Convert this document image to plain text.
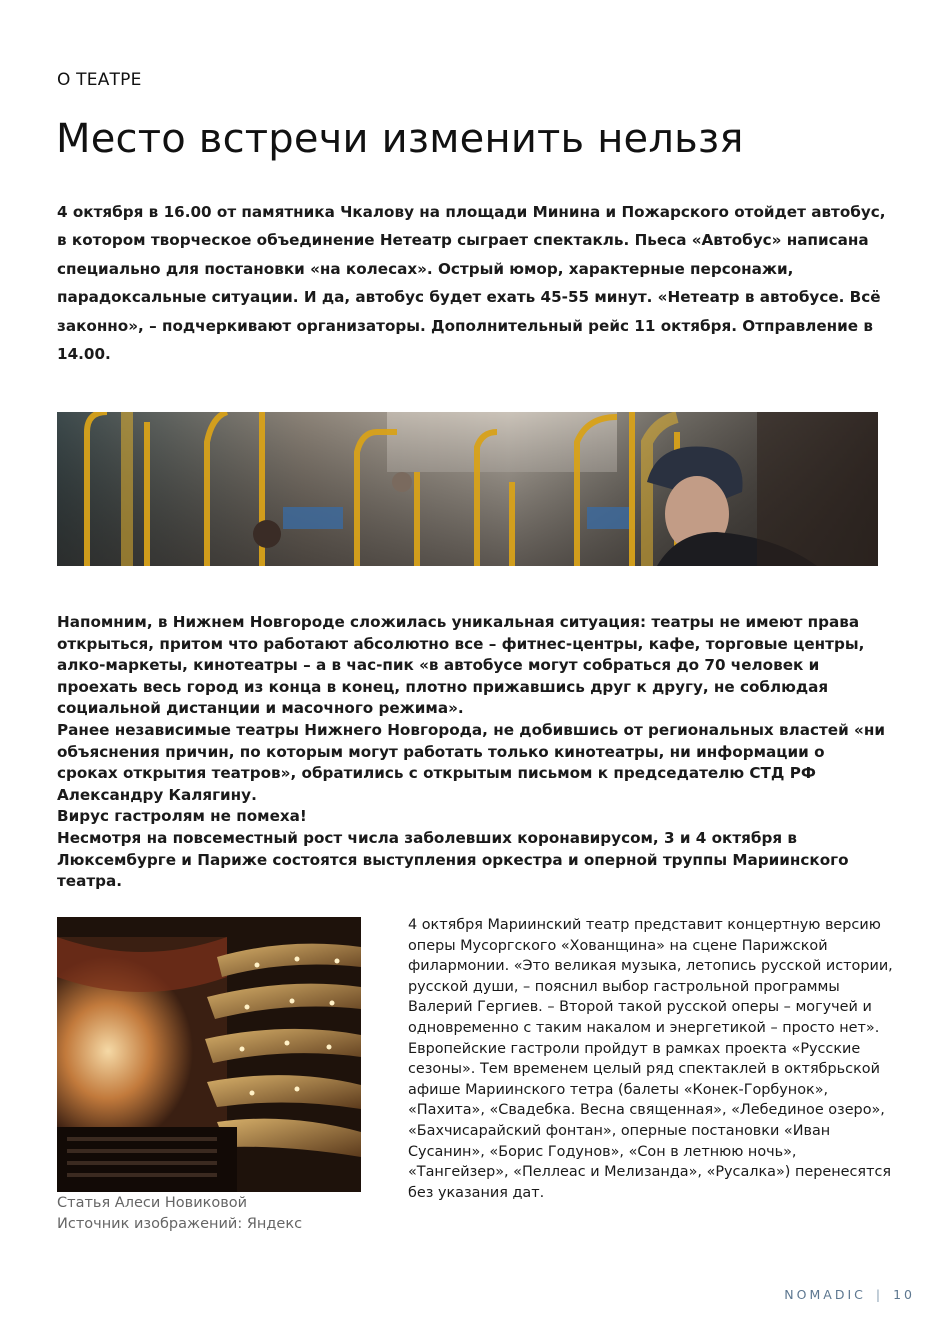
О ТЕАТРЕ
Место встречи изменить нельзя

4 октября в 16.00 от памятника Чкалову на площади Минина и Пожарского отойдет автобус, в котором творческое объединение Нетеатр сыграет спектакль. Пьеса «Автобус» написана специально для постановки «на колесах». Острый юмор, характерные персонажи, парадоксальные ситуации. И да, автобус будет ехать 45-55 минут. «Нетеатр в автобусе. Всё законно», – подчеркивают организаторы. Дополнительный рейс 11 октября. Отправление в 14.00.

Напомним, в Нижнем Новгороде сложилась уникальная ситуация: театры не имеют права открыться, притом что работают абсолютно все – фитнес-центры, кафе, торговые центры, алко-маркеты, кинотеатры – а в час-пик «в автобусе могут собраться до 70 человек и проехать весь город из конца в конец, плотно прижавшись друг к другу, не соблюдая социальной дистанции и масочного режима».

Ранее независимые театры Нижнего Новгорода, не добившись от региональных властей «ни объяснения причин, по которым могут работать только кинотеатры, ни информации о сроках открытия театров», обратились с открытым письмом к председателю СТД РФ Александру Калягину.

Вирус гастролям не помеха!

Несмотря на повсеместный рост числа заболевших коронавирусом, 3 и 4 октября в Люксембурге и Париже состоятся выступления оркестра и оперной труппы Мариинского театра.

Статья Алеси Новиковой
Источник изображений: Яндекс

4 октября Мариинский театр представит концертную версию оперы Мусоргского «Хованщина» на сцене Парижской филармонии. «Это великая музыка, летопись русской истории, русской души, – пояснил выбор гастрольной программы Валерий Гергиев. – Второй такой русской оперы – могучей и одновременно с таким накалом и энергетикой – просто нет».

Европейские гастроли пройдут в рамках проекта «Русские сезоны». Тем временем целый ряд спектаклей в октябрьской афише Мариинского тетра (балеты «Конек-Горбунок», «Пахита», «Свадебка. Весна священная», «Лебединое озеро», «Бахчисарайский фонтан», оперные постановки «Иван Сусанин», «Борис Годунов», «Сон в летнюю ночь», «Тангейзер», «Пеллеас и Мелизанда», «Русалка») перенесятся без указания дат.

NOMADIC | 10
